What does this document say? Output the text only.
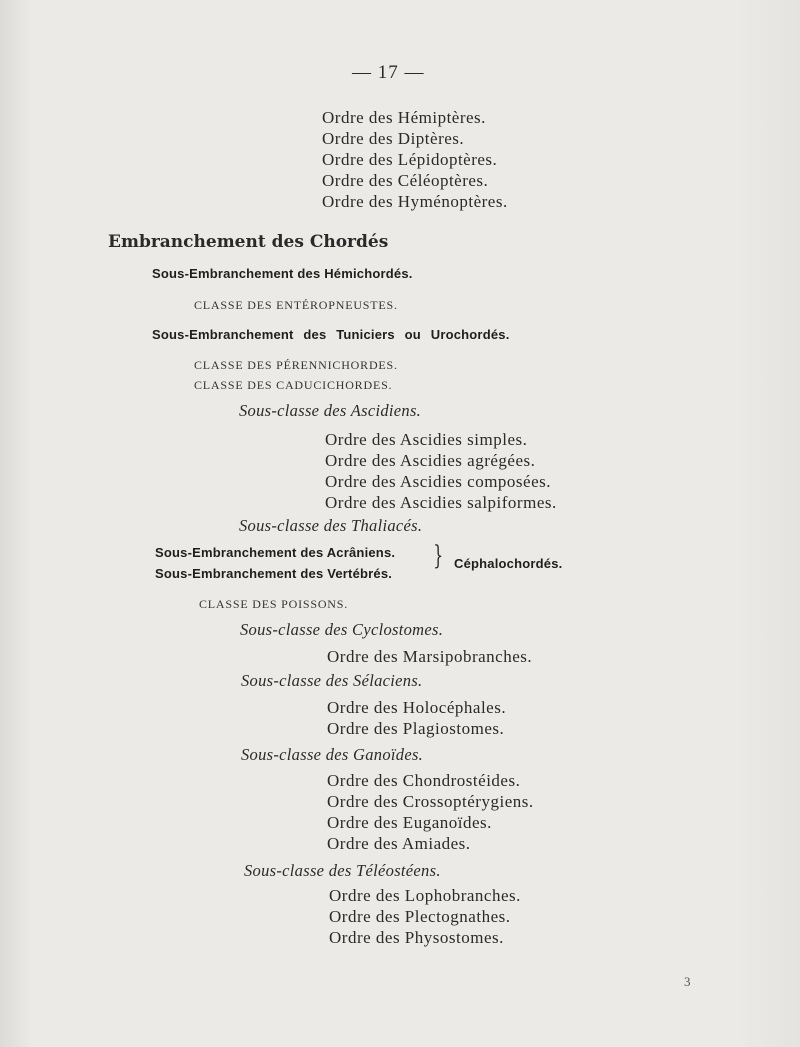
— 17 —
Ordre des Hémiptères.
Ordre des Diptères.
Ordre des Lépidoptères.
Ordre des Céléoptères.
Ordre des Hyménoptères.
Embranchement des Chordés
Sous-Embranchement des Hémichordés.
CLASSE DES ENTÉROPNEUSTES.
Sous-Embranchement des Tuniciers ou Urochordés.
CLASSE DES PÉRENNICHORDES.
CLASSE DES CADUCICHORDES.
Sous-classe des Ascidiens.
Ordre des Ascidies simples.
Ordre des Ascidies agrégées.
Ordre des Ascidies composées.
Ordre des Ascidies salpiformes.
Sous-classe des Thaliacés.
Sous-Embranchement des Acrâniens.
Sous-Embranchement des Vertébrés.
} Céphalochordés.
CLASSE DES POISSONS.
Sous-classe des Cyclostomes.
Ordre des Marsipobranches.
Sous-classe des Sélaciens.
Ordre des Holocéphales.
Ordre des Plagiostomes.
Sous-classe des Ganoïdes.
Ordre des Chondrostéides.
Ordre des Crossoptérygiens.
Ordre des Euganoïdes.
Ordre des Amiades.
Sous-classe des Téléostéens.
Ordre des Lophobranches.
Ordre des Plectognathes.
Ordre des Physostomes.
3
